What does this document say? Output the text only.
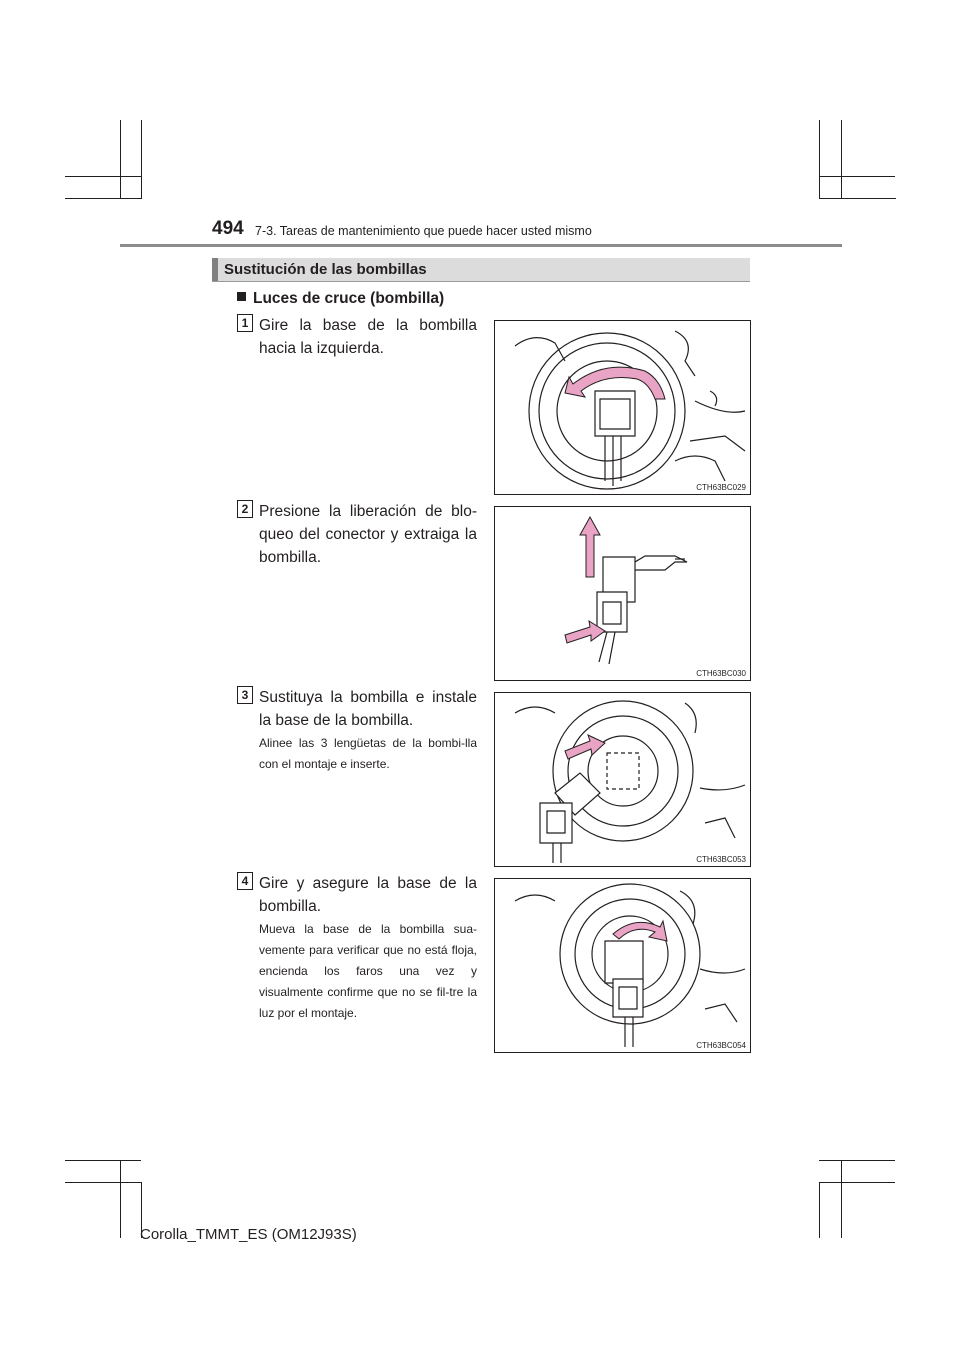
494 7-3. Tareas de mantenimiento que puede hacer usted mismo
Sustitución de las bombillas
Luces de cruce (bombilla)
1 Gire la base de la bombilla hacia la izquierda.
CTH63BC029
2 Presione la liberación de blo-queo del conector y extraiga la bombilla.
CTH63BC030
3 Sustituya la bombilla e instale la base de la bombilla.
Alinee las 3 lengüetas de la bombi-lla con el montaje e inserte.
CTH63BC053
4 Gire y asegure la base de la bombilla.
Mueva la base de la bombilla sua-vemente para verificar que no está floja, encienda los faros una vez y visualmente confirme que no se fil-tre la luz por el montaje.
CTH63BC054
Corolla_TMMT_ES (OM12J93S)
